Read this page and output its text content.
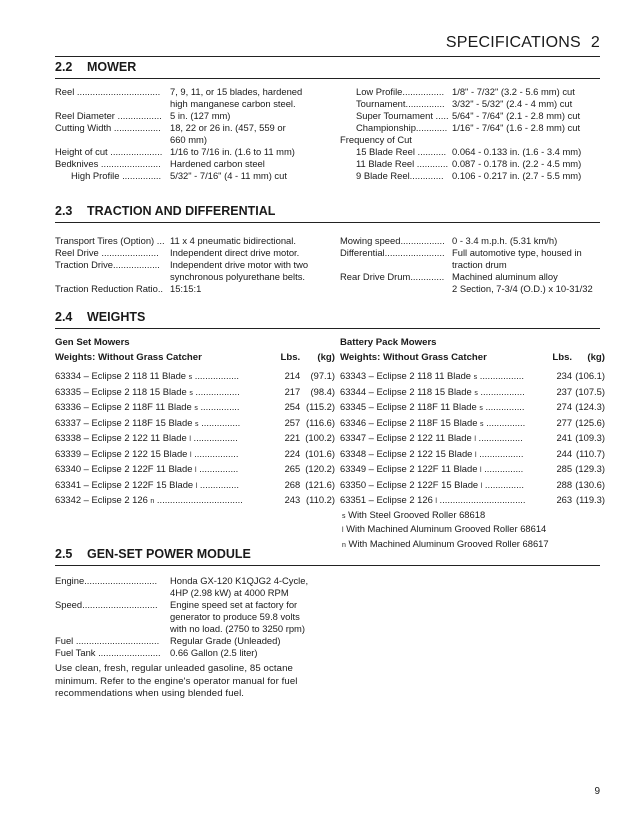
SPECIFICATIONS 2
2.2 MOWER
Reel ................................	7, 9, 11, or 15 blades, hardened
high manganese carbon steel.
Reel Diameter ................. 5 in. (127 mm)
Cutting Width .................. 18, 22 or 26 in. (457, 559 or
660 mm)
Height of cut .................... 1/16 to 7/16 in. (1.6 to 11 mm)
Bedknives ....................... Hardened carbon steel
High Profile ............... 5/32" - 7/16" (4 - 11 mm) cut
Low Profile................ 1/8" - 7/32" (3.2 - 5.6 mm) cut
Tournament............... 3/32" - 5/32" (2.4 - 4 mm) cut
Super Tournament ..... 5/64" - 7/64" (2.1 - 2.8 mm) cut
Championship............ 1/16" - 7/64" (1.6 - 2.8 mm) cut
Frequency of Cut
15 Blade Reel ........... 0.064 - 0.133 in. (1.6 - 3.4 mm)
11 Blade Reel ............ 0.087 - 0.178 in. (2.2 - 4.5 mm)
9 Blade Reel............. 0.106 - 0.217 in. (2.7 - 5.5 mm)
2.3 TRACTION AND DIFFERENTIAL
Transport Tires (Option) ... 11 x 4 pneumatic bidirectional.
Reel Drive ......................	Independent direct drive motor.
Traction Drive..................	Independent drive motor with two
synchronous polyurethane belts.
Traction Reduction Ratio.. 15:15:1
Mowing speed................. 0 - 3.4 m.p.h. (5.31 km/h)
Differential....................... Full automotive type, housed in
traction drum
Rear Drive Drum............. Machined aluminum alloy
2 Section, 7-3/4 (O.D.) x 10-31/32
2.4 WEIGHTS
Gen Set Mowers
Weights: Without Grass Catcher	Lbs.	(kg)
63334 – Eclipse 2 118 11 Blade s .................	214	(97.1)
63335 – Eclipse 2 118 15 Blade s .................	217	(98.4)
63336 – Eclipse 2 118F 11 Blade s ...............	254 (115.2)
63337 – Eclipse 2 118F 15 Blade s ...............	257 (116.6)
63338 – Eclipse 2 122 11 Blade l .................	221 (100.2)
63339 – Eclipse 2 122 15 Blade l .................	224 (101.6)
63340 – Eclipse 2 122F 11 Blade l ...............	265 (120.2)
63341 – Eclipse 2 122F 15 Blade l ...............	268 (121.6)
63342 – Eclipse 2 126 n .................................	243 (110.2)
Battery Pack Mowers
Weights: Without Grass Catcher	Lbs.	(kg)
63343 – Eclipse 2 118 11 Blade s .................	234 (106.1)
63344 – Eclipse 2 118 15 Blade s .................	237 (107.5)
63345 – Eclipse 2 118F 11 Blade s ...............	274 (124.3)
63346 – Eclipse 2 118F 15 Blade s ...............	277 (125.6)
63347 – Eclipse 2 122 11 Blade l .................	241 (109.3)
63348 – Eclipse 2 122 15 Blade l .................	244 (110.7)
63349 – Eclipse 2 122F 11 Blade l ...............	285 (129.3)
63350 – Eclipse 2 122F 15 Blade l ...............	288 (130.6)
63351 – Eclipse 2 126 l .................................	263 (119.3)
s With Steel Grooved Roller 68618
l With Machined Aluminum Grooved Roller 68614
n With Machined Aluminum Grooved Roller 68617
2.5 GEN-SET POWER MODULE
Engine............................	Honda GX-120 K1QJG2 4-Cycle,
4HP (2.98 kW) at 4000 RPM
Speed.............................	Engine speed set at factory for
generator to produce 59.8 volts
with no load. (2750 to 3250 rpm)
Fuel ................................	Regular Grade (Unleaded)
Fuel Tank ........................	0.66 Gallon (2.5 liter)
Use clean, fresh, regular unleaded gasoline, 85 octane minimum. Refer to the engine's operator manual for fuel recommendations when using blended fuel.
9
